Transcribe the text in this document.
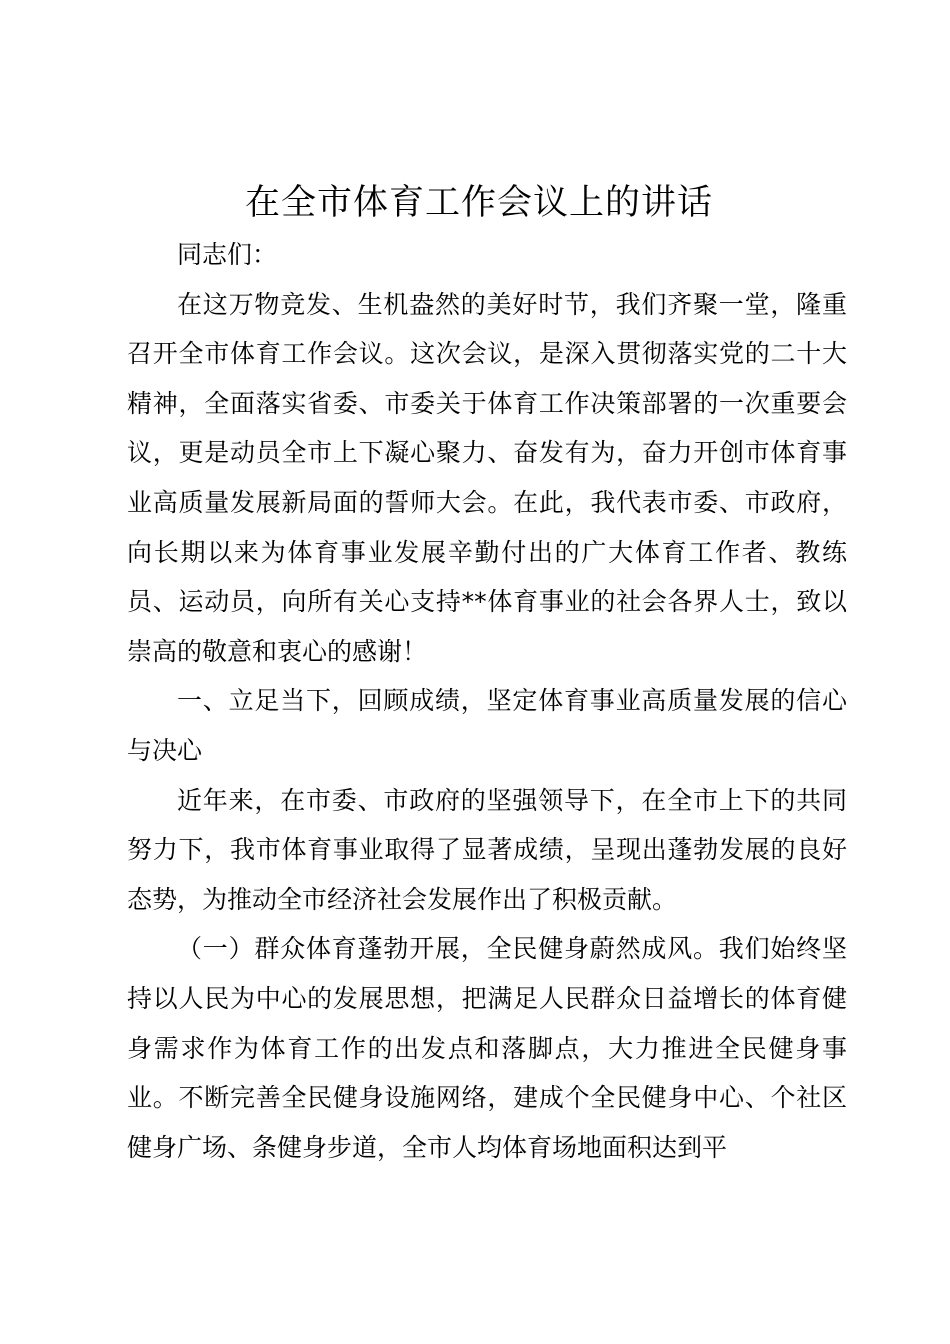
在全市体育工作会议上的讲话

同志们：

在这万物竞发、生机盎然的美好时节，我们齐聚一堂，隆重召开全市体育工作会议。这次会议，是深入贯彻落实党的二十大精神，全面落实省委、市委关于体育工作决策部署的一次重要会议，更是动员全市上下凝心聚力、奋发有为，奋力开创市体育事业高质量发展新局面的誓师大会。在此，我代表市委、市政府，向长期以来为体育事业发展辛勤付出的广大体育工作者、教练员、运动员，向所有关心支持**体育事业的社会各界人士，致以崇高的敬意和衷心的感谢！

一、立足当下，回顾成绩，坚定体育事业高质量发展的信心与决心

近年来，在市委、市政府的坚强领导下，在全市上下的共同努力下，我市体育事业取得了显著成绩，呈现出蓬勃发展的良好态势，为推动全市经济社会发展作出了积极贡献。

（一）群众体育蓬勃开展，全民健身蔚然成风。我们始终坚持以人民为中心的发展思想，把满足人民群众日益增长的体育健身需求作为体育工作的出发点和落脚点，大力推进全民健身事业。不断完善全民健身设施网络，建成个全民健身中心、个社区健身广场、条健身步道，全市人均体育场地面积达到平
